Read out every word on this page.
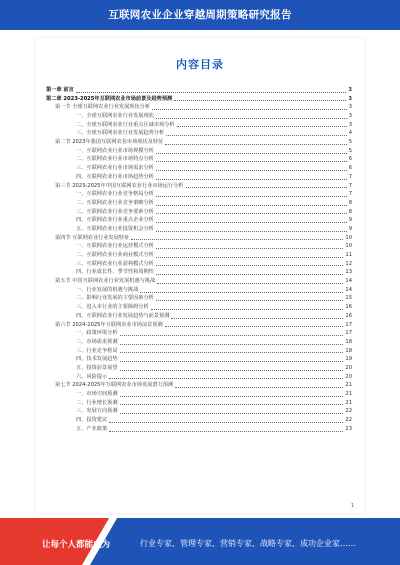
互联网农业企业穿越周期策略研究报告
内容目录
第一章 前言	3
第二章 2023-2025年互联网农业市场前景及趋势预测	3
第一节 全球互联网农业行业发展现状分析	3
一、全球互联网农业行业发展现状	3
二、全球互联网农业行业重点区域市场分析	3
三、全球互联网农业行业发展趋势分析	4
第二节 2023年我国互联网农业市场现状及特征	5
一、互联网农业行业市场规模分析	5
二、互联网农业行业市场特点分析	6
三、互联网农业行业市场需求分析	6
四、互联网农业行业市场趋势分析	7
第三节 2023-2025年中国互联网农业行业市场运行分析	7
一、互联网农业行业竞争格局分析	7
二、互联网农业行业竞争策略分析	8
三、互联网农业行业竞争要素分析	8
四、互联网农业行业重点企业分析	9
五、互联网农业行业投资机会分析	9
第四节 互联网农业行业发展特征	10
一、互联网农业行业运营模式分析	10
二、互联网农业行业商业模式分析	11
三、互联网农业行业盈利模式分析	12
四、行业成长性、季节性和周期性	13
第五节 中国互联网农业行业发展机遇与挑战	14
一、行业发展的机遇与挑战	14
二、影响行业发展的主要因素分析	15
三、进入本行业的主要障碍分析	16
四、互联网农业行业发展趋势与前景预测	16
第六节 2024-2025年互联网农业市场前景预测	17
一、政策环境分析	17
二、市场需求预测	18
三、行业竞争格局	18
四、技术发展趋势	19
五、投资前景展望	20
六、风险提示	20
第七节 2024-2025年互联网农业市场发展潜力预测	21
一、市场空间预测	21
二、行业增长预测	21
三、发展方向预测	22
四、投资建议	22
五、产业政策	23
1
让每个人都能成为	行业专家、管理专家、营销专家、战略专家、成功企业家……
